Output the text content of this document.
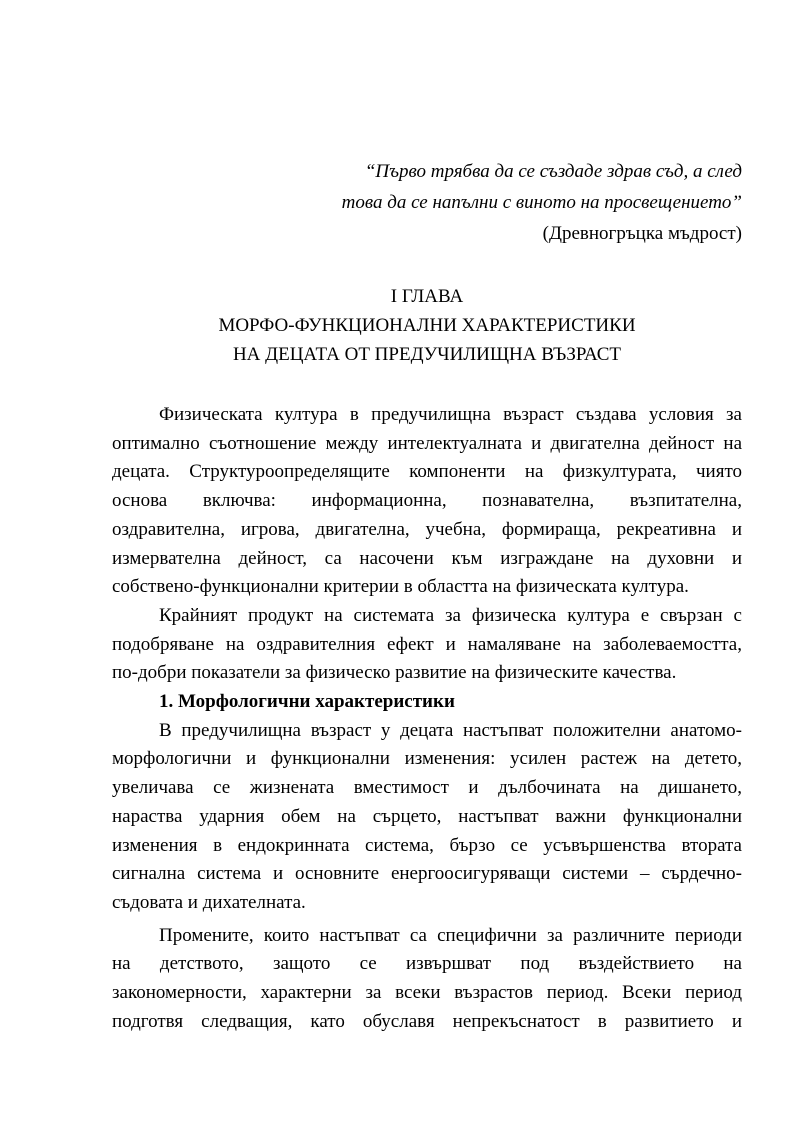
“Първо трябва да се създаде здрав съд, а след
това да се напълни с виното на просвещението”
(Древногръцка мъдрост)
I ГЛАВА
МОРФО-ФУНКЦИОНАЛНИ ХАРАКТЕРИСТИКИ
НА ДЕЦАТА ОТ ПРЕДУЧИЛИЩНА ВЪЗРАСТ

Физическата култура в предучилищна възраст създава условия за
оптимално съотношение между интелектуалната и двигателна дейност на
децата. Структуроопределящите компоненти на физкултурата, чиято
основа включва: информационна, познавателна, възпитателна,
оздравителна, игрова, двигателна, учебна, формираща, рекреативна и
измервателна дейност, са насочени към изграждане на духовни и
собствено-функционални критерии в областта на физическата култура.

Крайният продукт на системата за физическа култура е свързан с
подобряване на оздравителния ефект и намаляване на заболеваемостта,
по-добри показатели за физическо развитие на физическите качества.

1. Морфологични характеристики

В предучилищна възраст у децата настъпват положителни анатомо-
морфологични и функционални изменения: усилен растеж на детето,
увеличава се жизнената вместимост и дълбочината на дишането,
нараства ударния обем на сърцето, настъпват важни функционални
изменения в ендокринната система, бързо се усъвършенства втората
сигнална система и основните енергоосигуряващи системи – сърдечно-
съдовата и дихателната.

Промените, които настъпват са специфични за различните периоди
на детството, защото се извършват под въздействието на
закономерности, характерни за всеки възрастов период. Всеки период
подготвя следващия, като обуславя непрекъснатост в развитието и
